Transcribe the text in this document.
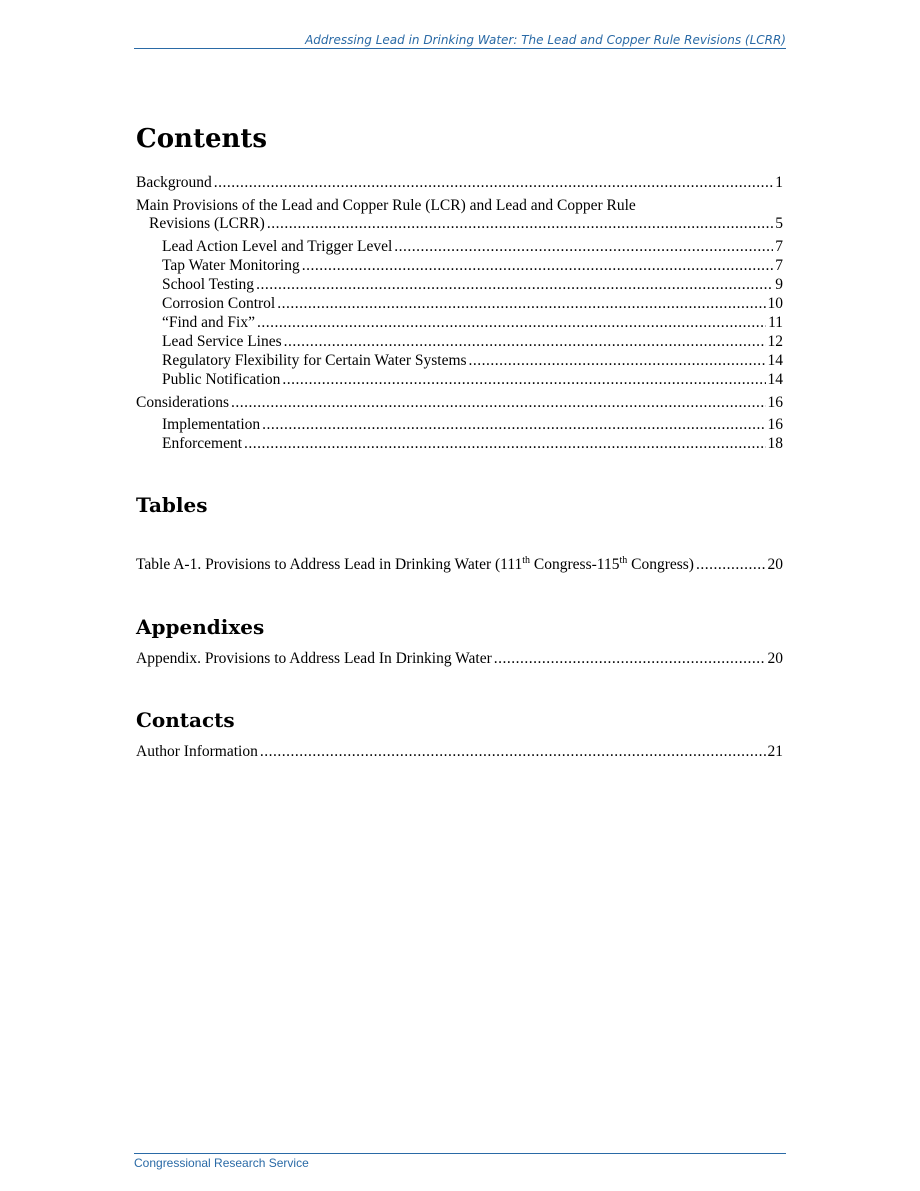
Addressing Lead in Drinking Water: The Lead and Copper Rule Revisions (LCRR)
Contents
Background .....	1
Main Provisions of the Lead and Copper Rule (LCR) and Lead and Copper Rule
Revisions (LCRR) .....	5
Lead Action Level and Trigger Level .....	7
Tap Water Monitoring .....	7
School Testing .....	9
Corrosion Control .....	10
“Find and Fix” .....	11
Lead Service Lines .....	12
Regulatory Flexibility for Certain Water Systems .....	14
Public Notification .....	14
Considerations .....	16
Implementation .....	16
Enforcement .....	18
Tables
Table A-1. Provisions to Address Lead in Drinking Water (111th Congress-115th Congress) .....	20
Appendixes
Appendix. Provisions to Address Lead In Drinking Water .....	20
Contacts
Author Information .....	21
Congressional Research Service
